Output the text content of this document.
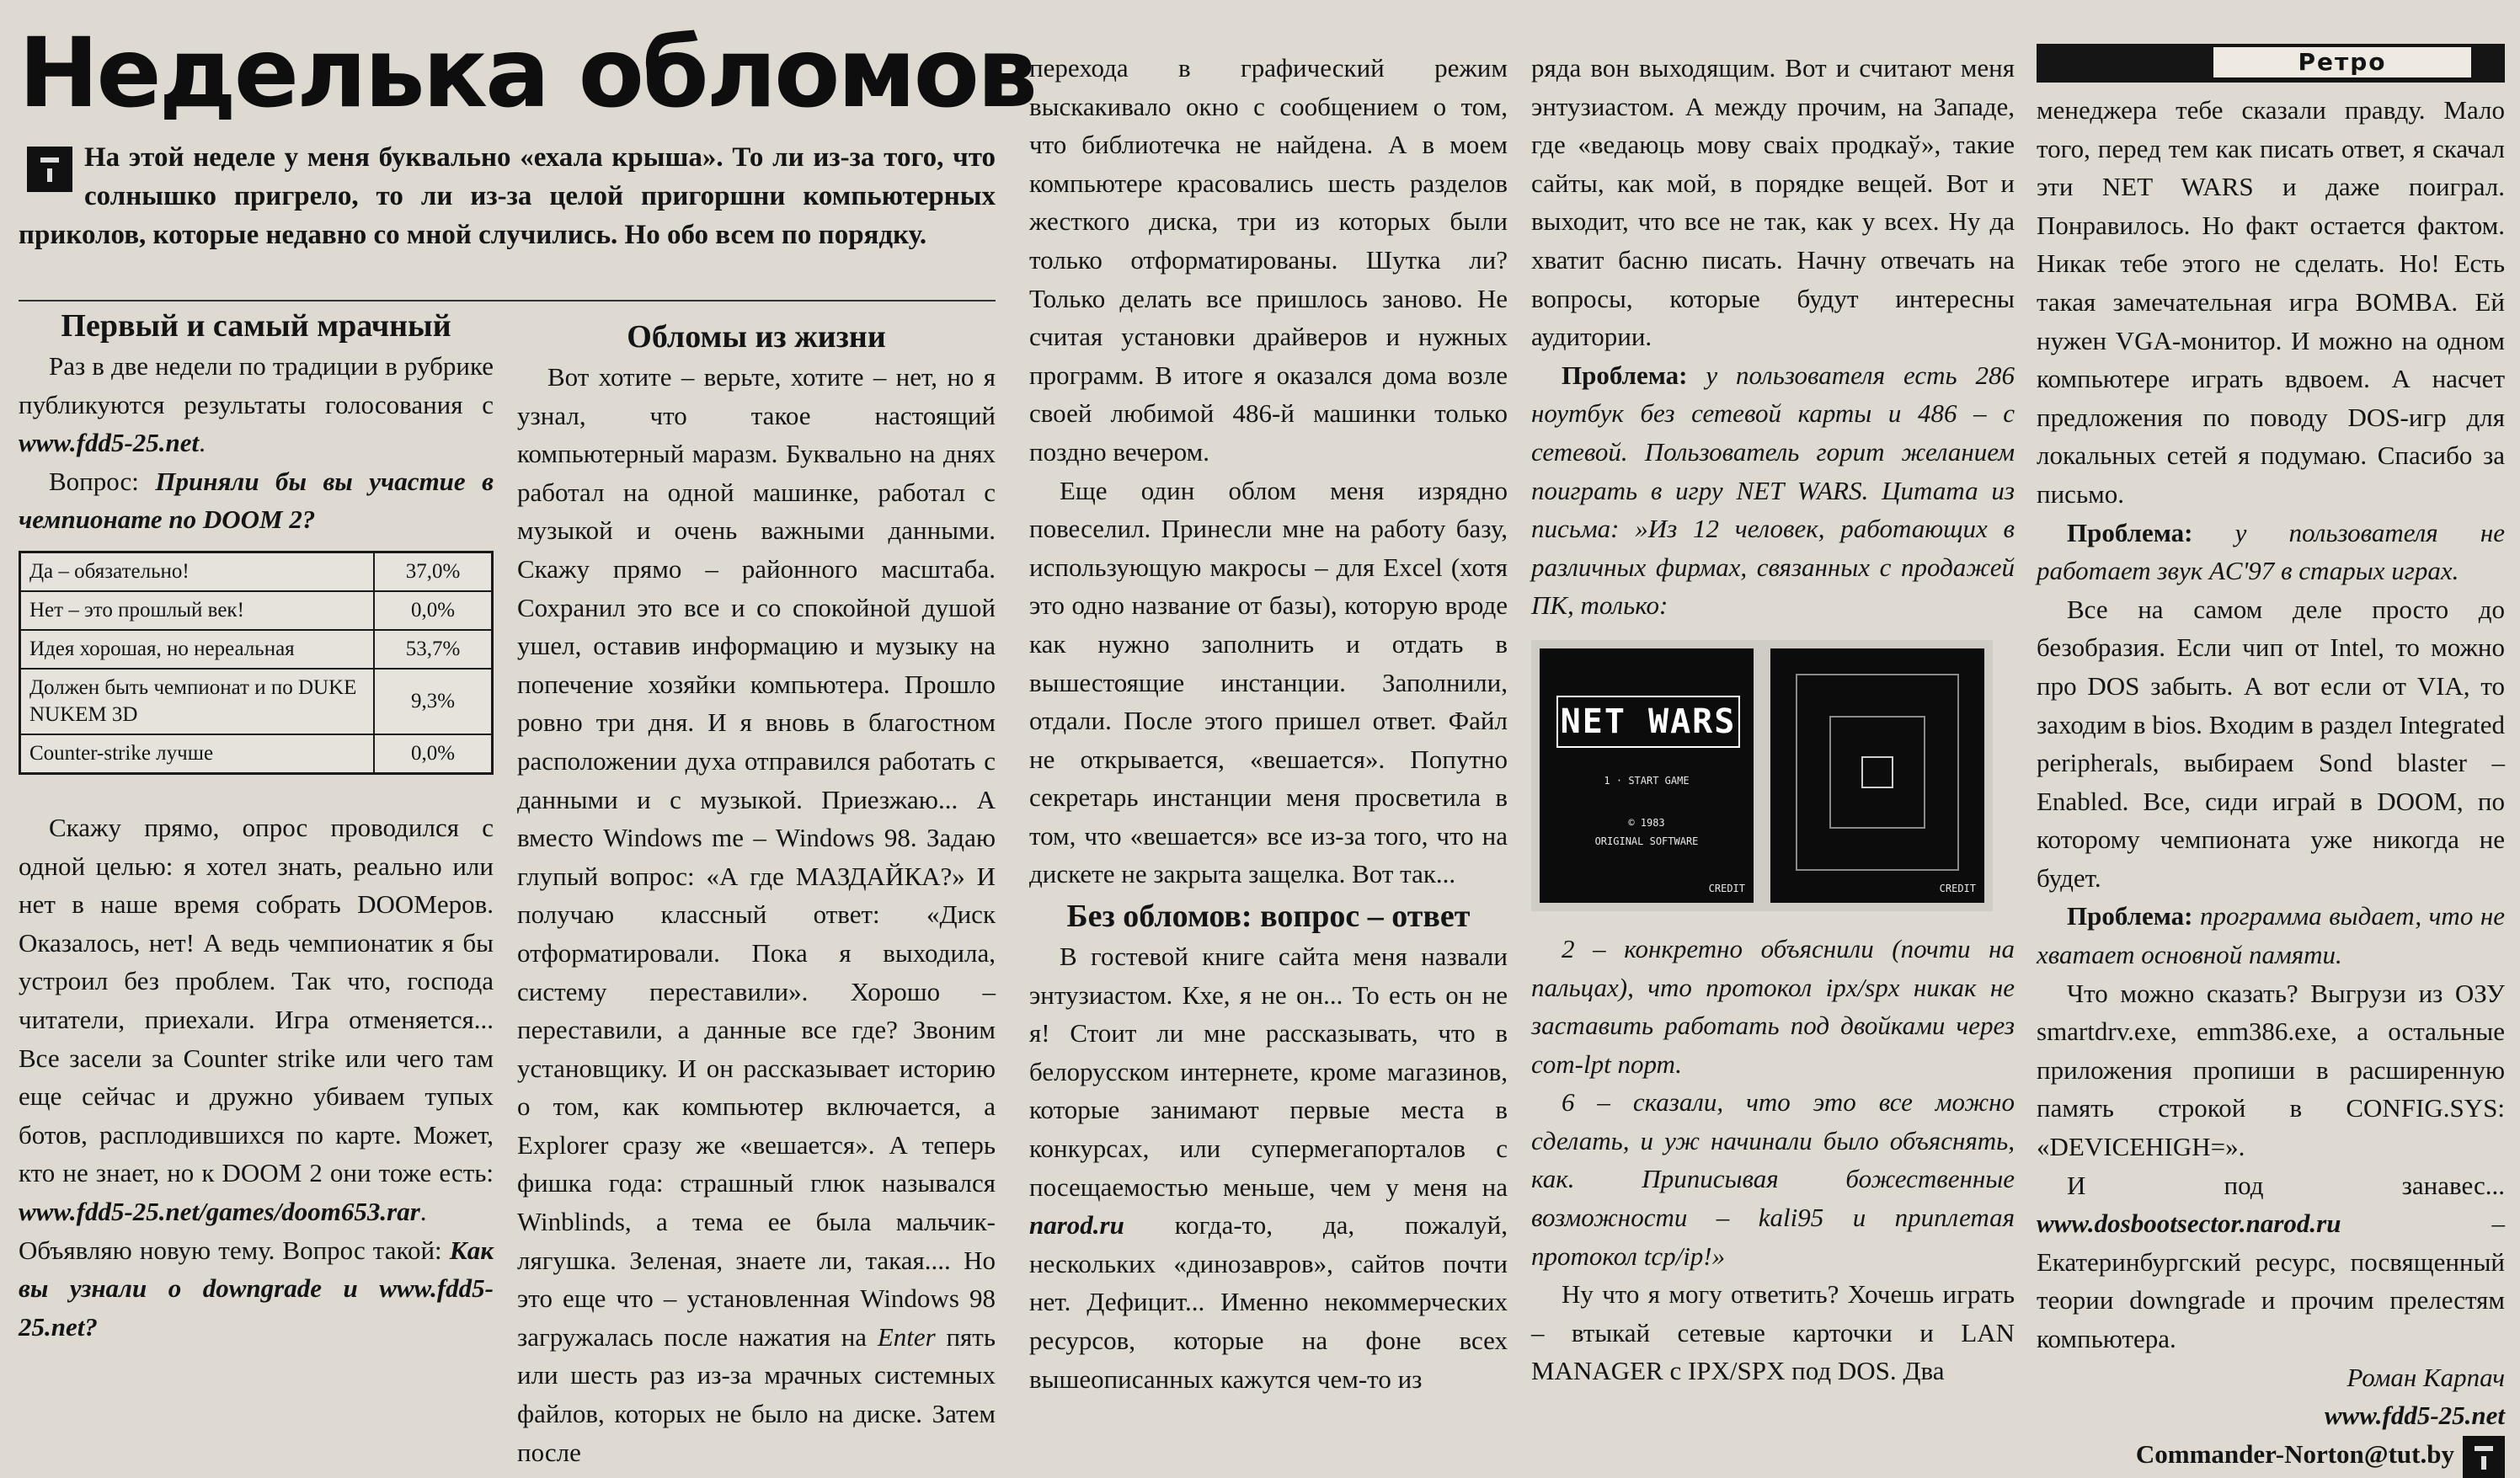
Неделька обломов

На этой неделе у меня буквально «ехала крыша». То ли из-за того, что солнышко пригрело, то ли из-за целой пригоршни компьютерных приколов, которые недавно со мной случились. Но обо всем по порядку.

Первый и самый мрачный

Раз в две недели по традиции в рубрике публикуются результаты голосования с www.fdd5-25.net.

Вопрос: Приняли бы вы участие в чемпионате по DOOM 2?

Да – обязательно!	37,0%
Нет – это прошлый век!	0,0%
Идея хорошая, но нереальная	53,7%
Должен быть чемпионат и по DUKE NUKEM 3D	9,3%
Counter-strike лучше	0,0%

Скажу прямо, опрос проводился с одной целью: я хотел знать, реально или нет в наше время собрать DOOMеров. Оказалось, нет! А ведь чемпионатик я бы устроил без проблем. Так что, господа читатели, приехали. Игра отменяется... Все засели за Counter strike или чего там еще сейчас и дружно убиваем тупых ботов, расплодившихся по карте. Может, кто не знает, но к DOOM 2 они тоже есть: www.fdd5-25.net/games/doom653.rar. Объявляю новую тему. Вопрос такой: Как вы узнали о downgrade и www.fdd5-25.net?

Обломы из жизни

Вот хотите – верьте, хотите – нет, но я узнал, что такое настоящий компьютерный маразм. Буквально на днях работал на одной машинке, работал с музыкой и очень важными данными. Скажу прямо – районного масштаба. Сохранил это все и со спокойной душой ушел, оставив информацию и музыку на попечение хозяйки компьютера. Прошло ровно три дня. И я вновь в благостном расположении духа отправился работать с данными и с музыкой. Приезжаю... А вместо Windows me – Windows 98. Задаю глупый вопрос: «А где МАЗДАЙКА?» И получаю классный ответ: «Диск отформатировали. Пока я выходила, систему переставили». Хорошо – переставили, а данные все где? Звоним установщику. И он рассказывает историю о том, как компьютер включается, а Explorer сразу же «вешается». А теперь фишка года: страшный глюк назывался Winblinds, а тема ее была мальчик-лягушка. Зеленая, знаете ли, такая.... Но это еще что – установленная Windows 98 загружалась после нажатия на Enter пять или шесть раз из-за мрачных системных файлов, которых не было на диске. Затем после

перехода в графический режим выскакивало окно с сообщением о том, что библиотечка не найдена. А в моем компьютере красовались шесть разделов жесткого диска, три из которых были только отформатированы. Шутка ли? Только делать все пришлось заново. Не считая установки драйверов и нужных программ. В итоге я оказался дома возле своей любимой 486-й машинки только поздно вечером.

Еще один облом меня изрядно повеселил. Принесли мне на работу базу, использующую макросы – для Excel (хотя это одно название от базы), которую вроде как нужно заполнить и отдать в вышестоящие инстанции. Заполнили, отдали. После этого пришел ответ. Файл не открывается, «вешается». Попутно секретарь инстанции меня просветила в том, что «вешается» все из-за того, что на дискете не закрыта защелка. Вот так...

Без обломов: вопрос – ответ

В гостевой книге сайта меня назвали энтузиастом. Кхе, я не он... То есть он не я! Стоит ли мне рассказывать, что в белорусском интернете, кроме магазинов, которые занимают первые места в конкурсах, или супермегапорталов с посещаемостью меньше, чем у меня на narod.ru когда-то, да, пожалуй, нескольких «динозавров», сайтов почти нет. Дефицит... Именно некоммерческих ресурсов, которые на фоне всех вышеописанных кажутся чем-то из

ряда вон выходящим. Вот и считают меня энтузиастом. А между прочим, на Западе, где «ведаюць мову сваiх продкаў», такие сайты, как мой, в порядке вещей. Вот и выходит, что все не так, как у всех. Ну да хватит басню писать. Начну отвечать на вопросы, которые будут интересны аудитории.

Проблема: у пользователя есть 286 ноутбук без сетевой карты и 486 – с сетевой. Пользователь горит желанием поиграть в игру NET WARS. Цитата из письма: »Из 12 человек, работающих в различных фирмах, связанных с продажей ПК, только:

NET WARS
1 · START GAME
© 1983
ORIGINAL SOFTWARE
CREDIT	CREDIT

2 – конкретно объяснили (почти на пальцах), что протокол ipx/spx никак не заставить работать под двойками через com-lpt порт.

6 – сказали, что это все можно сделать, и уж начинали было объяснять, как. Приписывая божественные возможности – kali95 и приплетая протокол tcp/ip!»

Ну что я могу ответить? Хочешь играть – втыкай сетевые карточки и LAN MANAGER с IPX/SPX под DOS. Два

Ретро

менеджера тебе сказали правду. Мало того, перед тем как писать ответ, я скачал эти NET WARS и даже поиграл. Понравилось. Но факт остается фактом. Никак тебе этого не сделать. Но! Есть такая замечательная игра BOMBA. Ей нужен VGA-монитор. И можно на одном компьютере играть вдвоем. А насчет предложения по поводу DOS-игр для локальных сетей я подумаю. Спасибо за письмо.

Проблема: у пользователя не работает звук AC'97 в старых играх.

Все на самом деле просто до безобразия. Если чип от Intel, то можно про DOS забыть. А вот если от VIA, то заходим в bios. Входим в раздел Integrated peripherals, выбираем Sond blaster – Enabled. Все, сиди играй в DOOM, по которому чемпионата уже никогда не будет.

Проблема: программа выдает, что не хватает основной памяти.

Что можно сказать? Выгрузи из ОЗУ smartdrv.exe, emm386.exe, а остальные приложения пропиши в расширенную память строкой в CONFIG.SYS: «DEVICEHIGH=».

И под занавес... www.dosbootsector.narod.ru – Екатеринбургский ресурс, посвященный теории downgrade и прочим прелестям компьютера.

Роман Карпач

www.fdd5-25.net

Commander-Norton@tut.by
